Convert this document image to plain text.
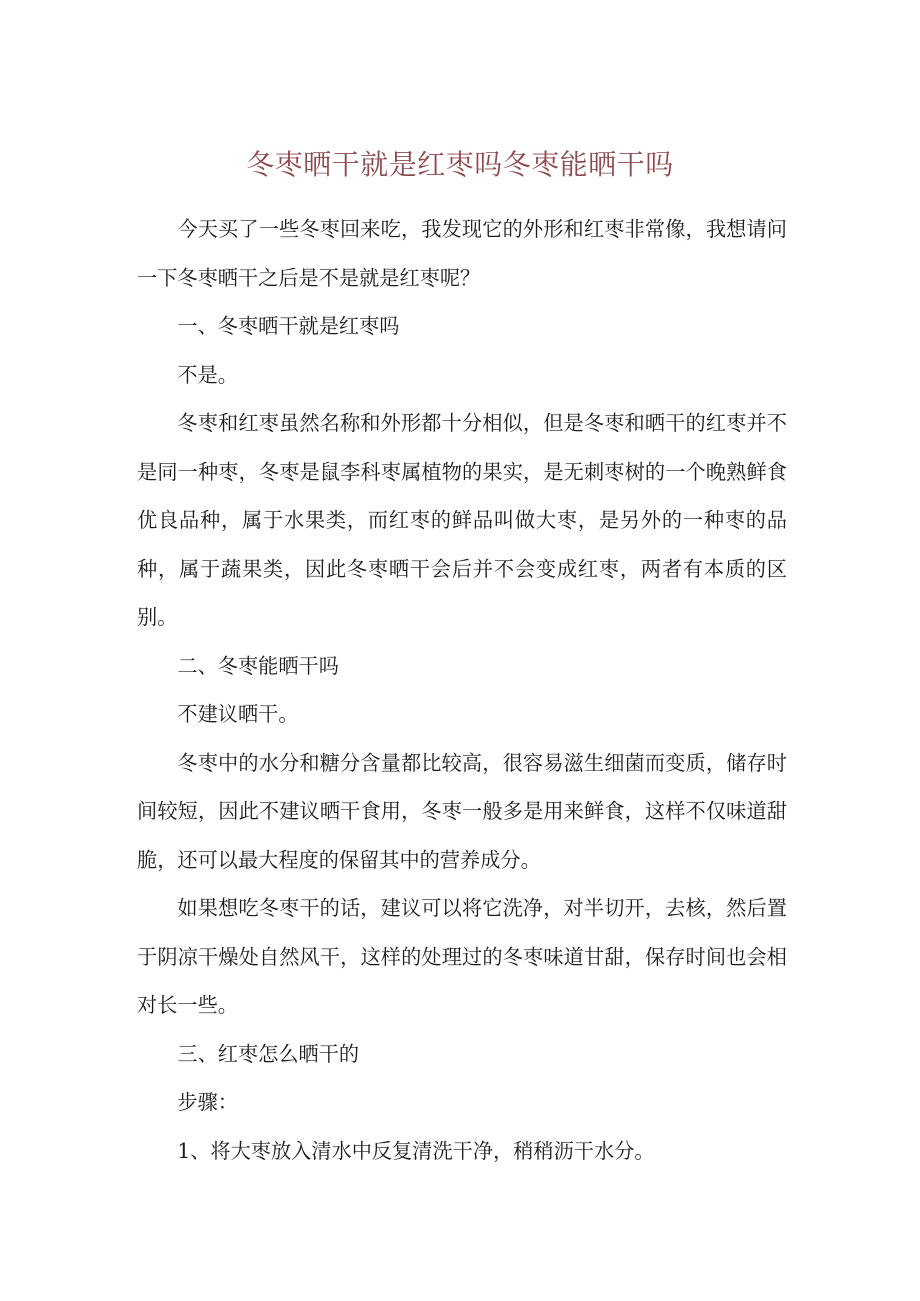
冬枣晒干就是红枣吗冬枣能晒干吗

今天买了一些冬枣回来吃，我发现它的外形和红枣非常像，我想请问一下冬枣晒干之后是不是就是红枣呢？

一、冬枣晒干就是红枣吗

不是。

冬枣和红枣虽然名称和外形都十分相似，但是冬枣和晒干的红枣并不是同一种枣，冬枣是鼠李科枣属植物的果实，是无刺枣树的一个晚熟鲜食优良品种，属于水果类，而红枣的鲜品叫做大枣，是另外的一种枣的品种，属于蔬果类，因此冬枣晒干会后并不会变成红枣，两者有本质的区别。

二、冬枣能晒干吗

不建议晒干。

冬枣中的水分和糖分含量都比较高，很容易滋生细菌而变质，储存时间较短，因此不建议晒干食用，冬枣一般多是用来鲜食，这样不仅味道甜脆，还可以最大程度的保留其中的营养成分。

如果想吃冬枣干的话，建议可以将它洗净，对半切开，去核，然后置于阴凉干燥处自然风干，这样的处理过的冬枣味道甘甜，保存时间也会相对长一些。

三、红枣怎么晒干的

步骤：

1、将大枣放入清水中反复清洗干净，稍稍沥干水分。
